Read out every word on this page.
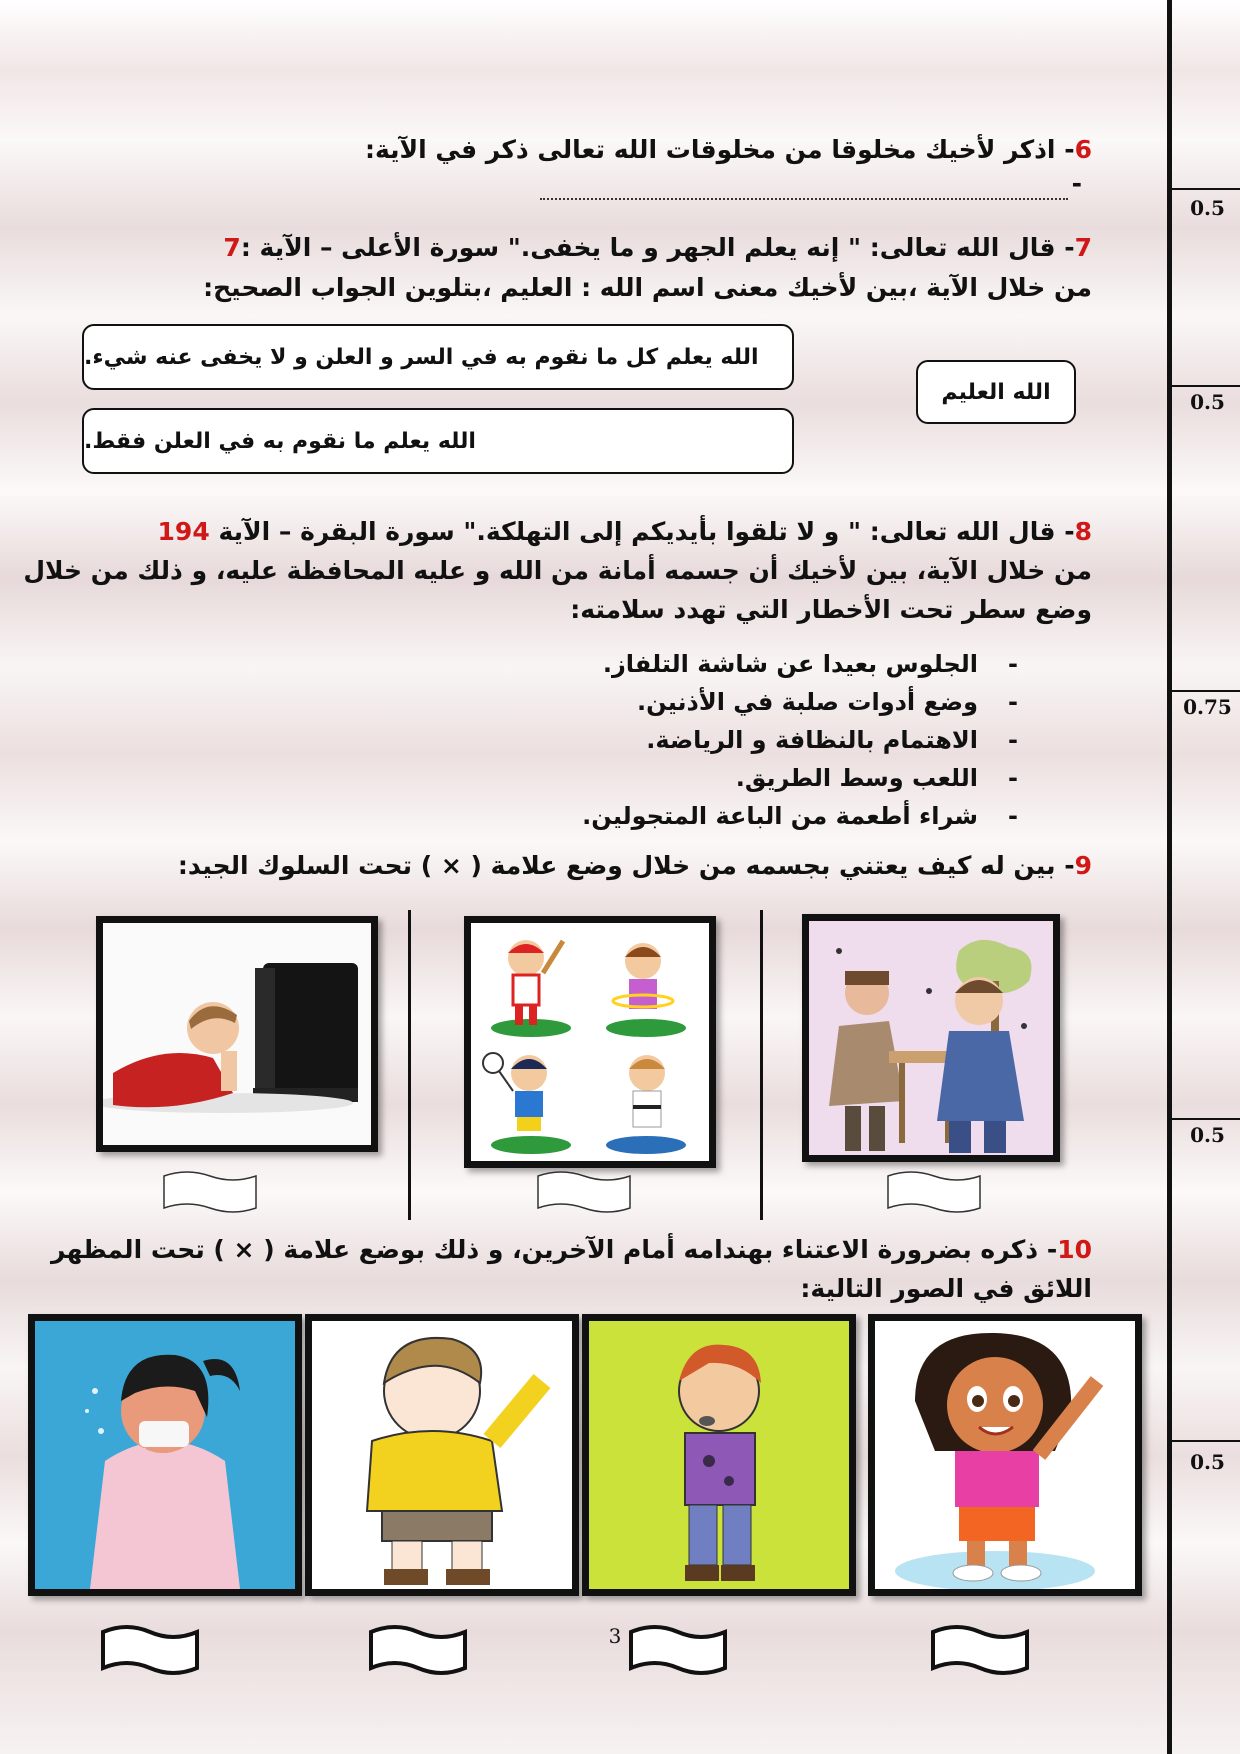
0.5
0.5
0.75
0.5
0.5
6- اذكر لأخيك مخلوقا من مخلوقات الله تعالى ذكر في الآية:
-
7- قال الله تعالى: " إنه يعلم الجهر و ما يخفى." سورة الأعلى – الآية :7
من خلال الآية ،بين لأخيك معنى اسم الله : العليم ،بتلوين الجواب الصحيح:
الله يعلم كل ما نقوم به في السر و العلن و لا يخفى عنه شيء.
الله يعلم ما نقوم به في العلن فقط.
الله العليم
8- قال الله تعالى: " و لا تلقوا بأيديكم إلى التهلكة." سورة البقرة – الآية 194
من خلال الآية، بين لأخيك أن جسمه أمانة من الله و عليه المحافظة عليه، و ذلك من خلال
وضع سطر تحت الأخطار التي تهدد سلامته:
-الجلوس بعيدا عن شاشة التلفاز.
-وضع أدوات صلبة في الأذنين.
-الاهتمام بالنظافة و الرياضة.
-اللعب وسط الطريق.
-شراء أطعمة من الباعة المتجولين.
9- بين له كيف يعتني بجسمه من خلال وضع علامة ( × ) تحت السلوك الجيد:
10- ذكره بضرورة الاعتناء بهندامه أمام الآخرين، و ذلك بوضع علامة ( × ) تحت المظهر
اللائق في الصور التالية:
3
